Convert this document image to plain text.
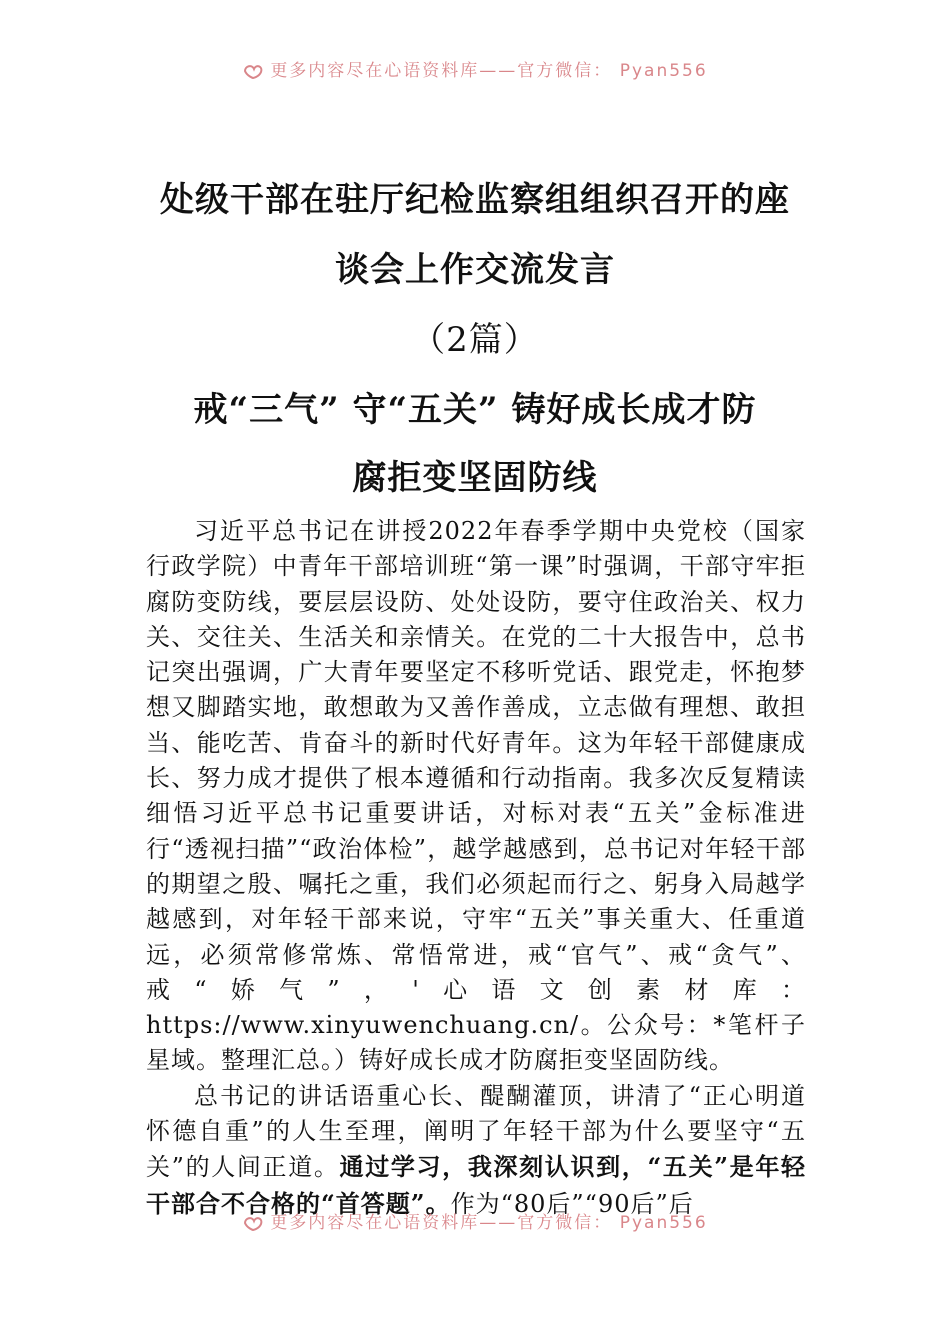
更多内容尽在心语资料库——官方微信： Pyan556
处级干部在驻厅纪检监察组组织召开的座
谈会上作交流发言
（2篇）
戒“三气” 守“五关” 铸好成长成才防
腐拒变坚固防线

习近平总书记在讲授2022年春季学期中央党校（国家行政学院）中青年干部培训班“第一课”时强调，干部守牢拒腐防变防线，要层层设防、处处设防，要守住政治关、权力关、交往关、生活关和亲情关。在党的二十大报告中，总书记突出强调，广大青年要坚定不移听党话、跟党走，怀抱梦想又脚踏实地，敢想敢为又善作善成，立志做有理想、敢担当、能吃苦、肯奋斗的新时代好青年。这为年轻干部健康成长、努力成才提供了根本遵循和行动指南。我多次反复精读细悟习近平总书记重要讲话，对标对表“五关”金标准进行“透视扫描”“政治体检”，越学越感到，总书记对年轻干部的期望之殷、嘱托之重，我们必须起而行之、躬身入局越学越感到，对年轻干部来说，守牢“五关”事关重大、任重道远，必须常修常炼、常悟常进，戒“官气”、戒“贪气”、戒“娇气”，'心语文创素材库：https://www.xinyuwenchuang.cn/。公众号：*笔杆子星域。整理汇总。）铸好成长成才防腐拒变坚固防线。

总书记的讲话语重心长、醍醐灌顶，讲清了“正心明道怀德自重”的人生至理，阐明了年轻干部为什么要坚守“五关”的人间正道。通过学习，我深刻认识到，“五关”是年轻干部合不合格的“首答题”。作为“80后”“90后”后

更多内容尽在心语资料库——官方微信： Pyan556
